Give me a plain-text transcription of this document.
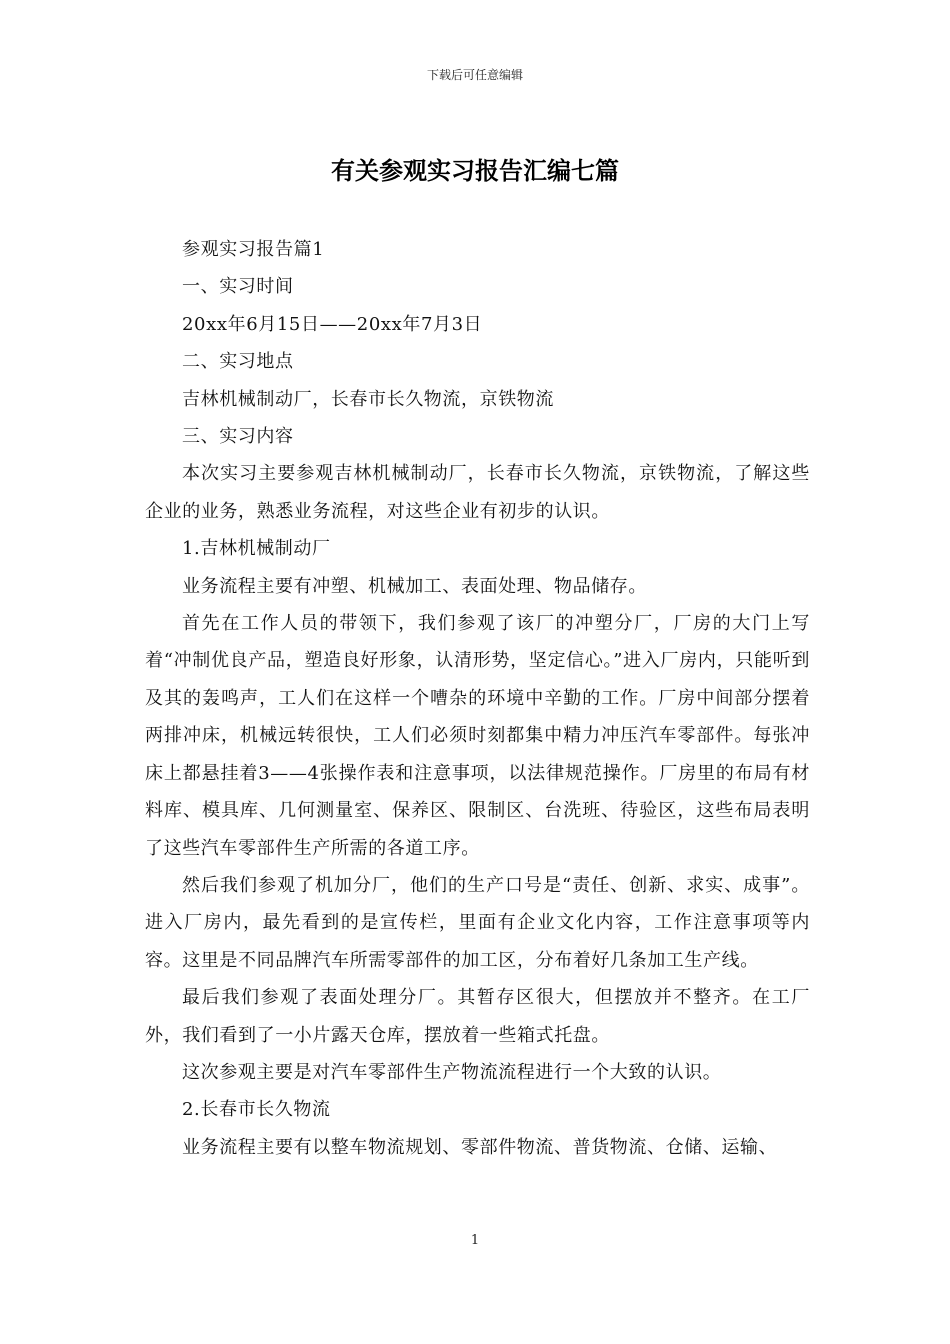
下载后可任意编辑
有关参观实习报告汇编七篇

参观实习报告篇1

一、实习时间

20xx年6月15日——20xx年7月3日

二、实习地点

吉林机械制动厂，长春市长久物流，京铁物流

三、实习内容

本次实习主要参观吉林机械制动厂，长春市长久物流，京铁物流，了解这些企业的业务，熟悉业务流程，对这些企业有初步的认识。

1.吉林机械制动厂

业务流程主要有冲塑、机械加工、表面处理、物品储存。

首先在工作人员的带领下，我们参观了该厂的冲塑分厂，厂房的大门上写着“冲制优良产品，塑造良好形象，认清形势，坚定信心。”进入厂房内，只能听到及其的轰鸣声，工人们在这样一个嘈杂的环境中辛勤的工作。厂房中间部分摆着两排冲床，机械远转很快，工人们必须时刻都集中精力冲压汽车零部件。每张冲床上都悬挂着3——4张操作表和注意事项，以法律规范操作。厂房里的布局有材料库、模具库、几何测量室、保养区、限制区、台洗班、待验区，这些布局表明了这些汽车零部件生产所需的各道工序。

然后我们参观了机加分厂，他们的生产口号是“责任、创新、求实、成事”。进入厂房内，最先看到的是宣传栏，里面有企业文化内容，工作注意事项等内容。这里是不同品牌汽车所需零部件的加工区，分布着好几条加工生产线。

最后我们参观了表面处理分厂。其暂存区很大，但摆放并不整齐。在工厂外，我们看到了一小片露天仓库，摆放着一些箱式托盘。

这次参观主要是对汽车零部件生产物流流程进行一个大致的认识。

2.长春市长久物流

业务流程主要有以整车物流规划、零部件物流、普货物流、仓储、运输、

1
